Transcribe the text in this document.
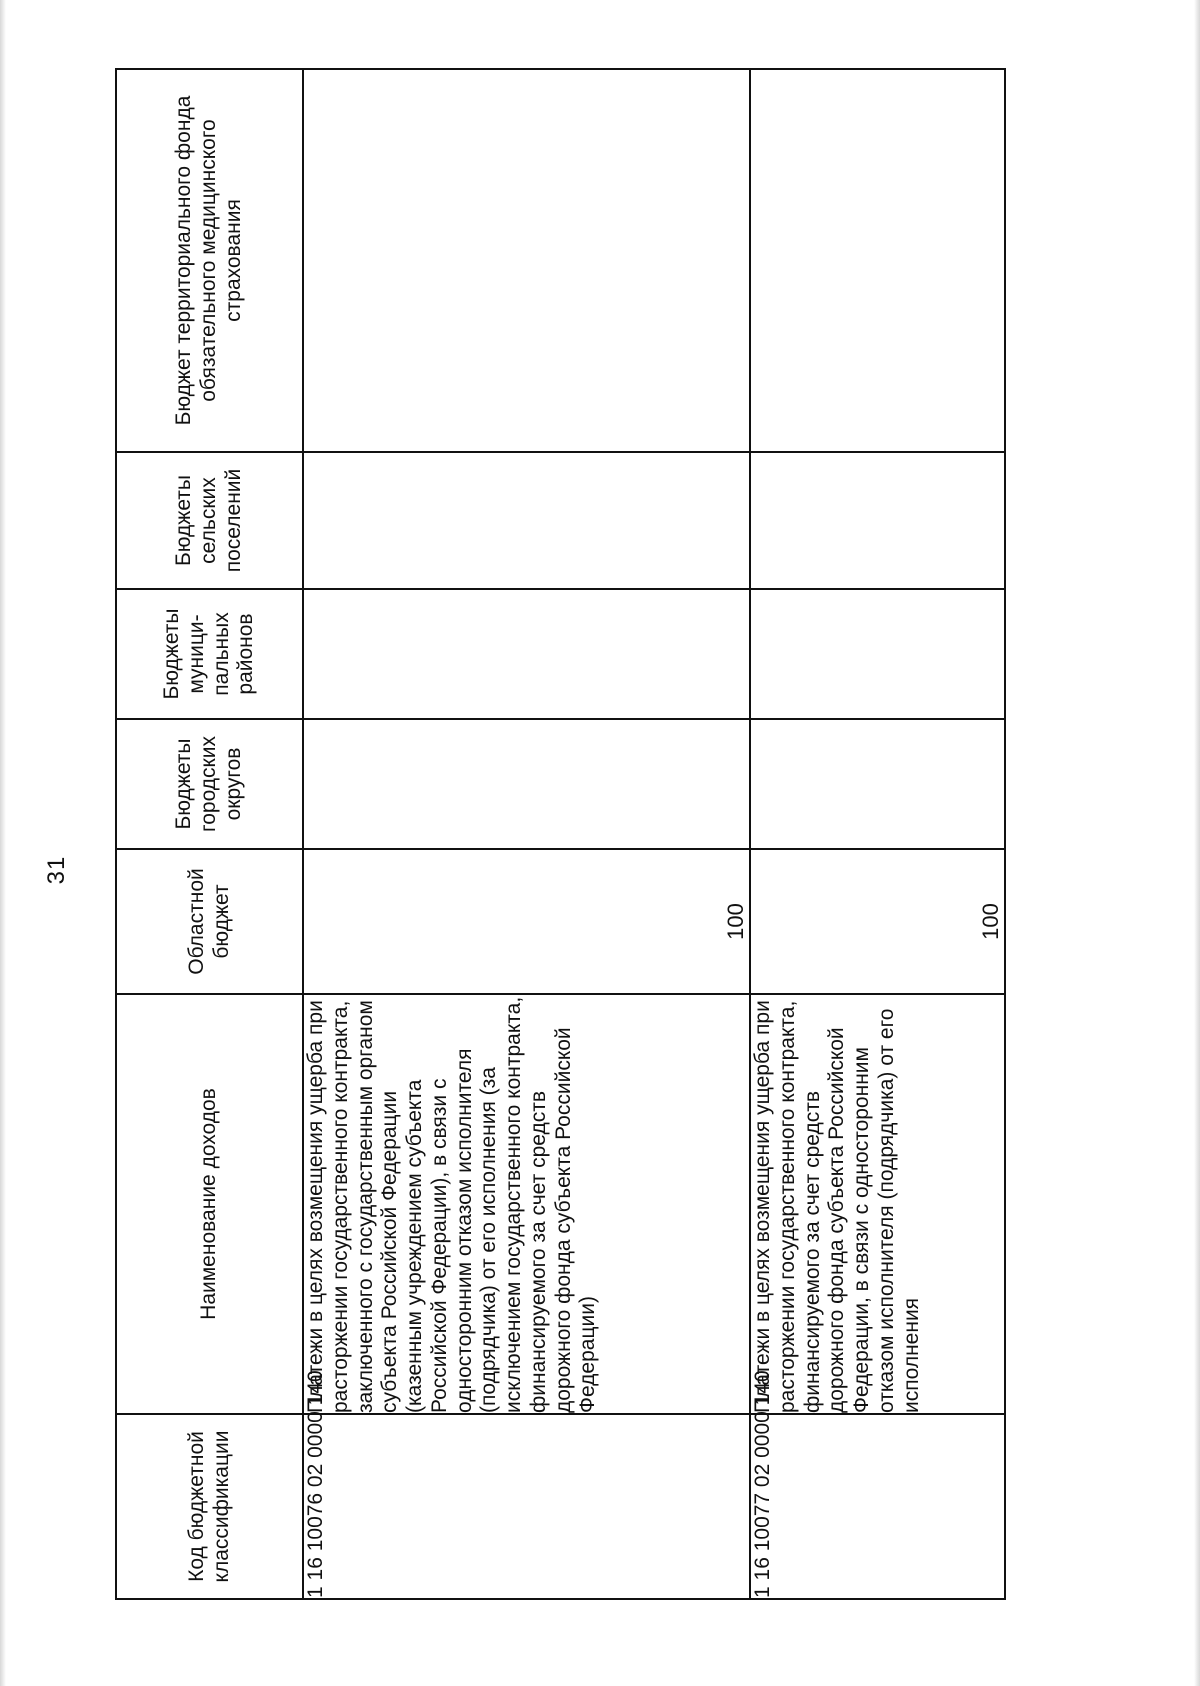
31
Код бюджетной классификации	Наименование доходов	Областной бюджет	Бюджеты городских округов	Бюджеты муници-пальных районов	Бюджеты сельских поселений	Бюджет территориального фонда обязательного медицинского страхования

1 16 10076 02 0000 140	Платежи в целях возмещения ущерба при расторжении государственного контракта, заключенного с государственным органом субъекта Российской Федерации (казенным учреждением субъекта Российской Федерации), в связи с односторонним отказом исполнителя (подрядчика) от его исполнения (за исключением государственного контракта, финансируемого за счет средств дорожного фонда субъекта Российской Федерации)	100				
1 16 10077 02 0000 140	Платежи в целях возмещения ущерба при расторжении государственного контракта, финансируемого за счет средств дорожного фонда субъекта Российской Федерации, в связи с односторонним отказом исполнителя (подрядчика) от его исполнения	100				
